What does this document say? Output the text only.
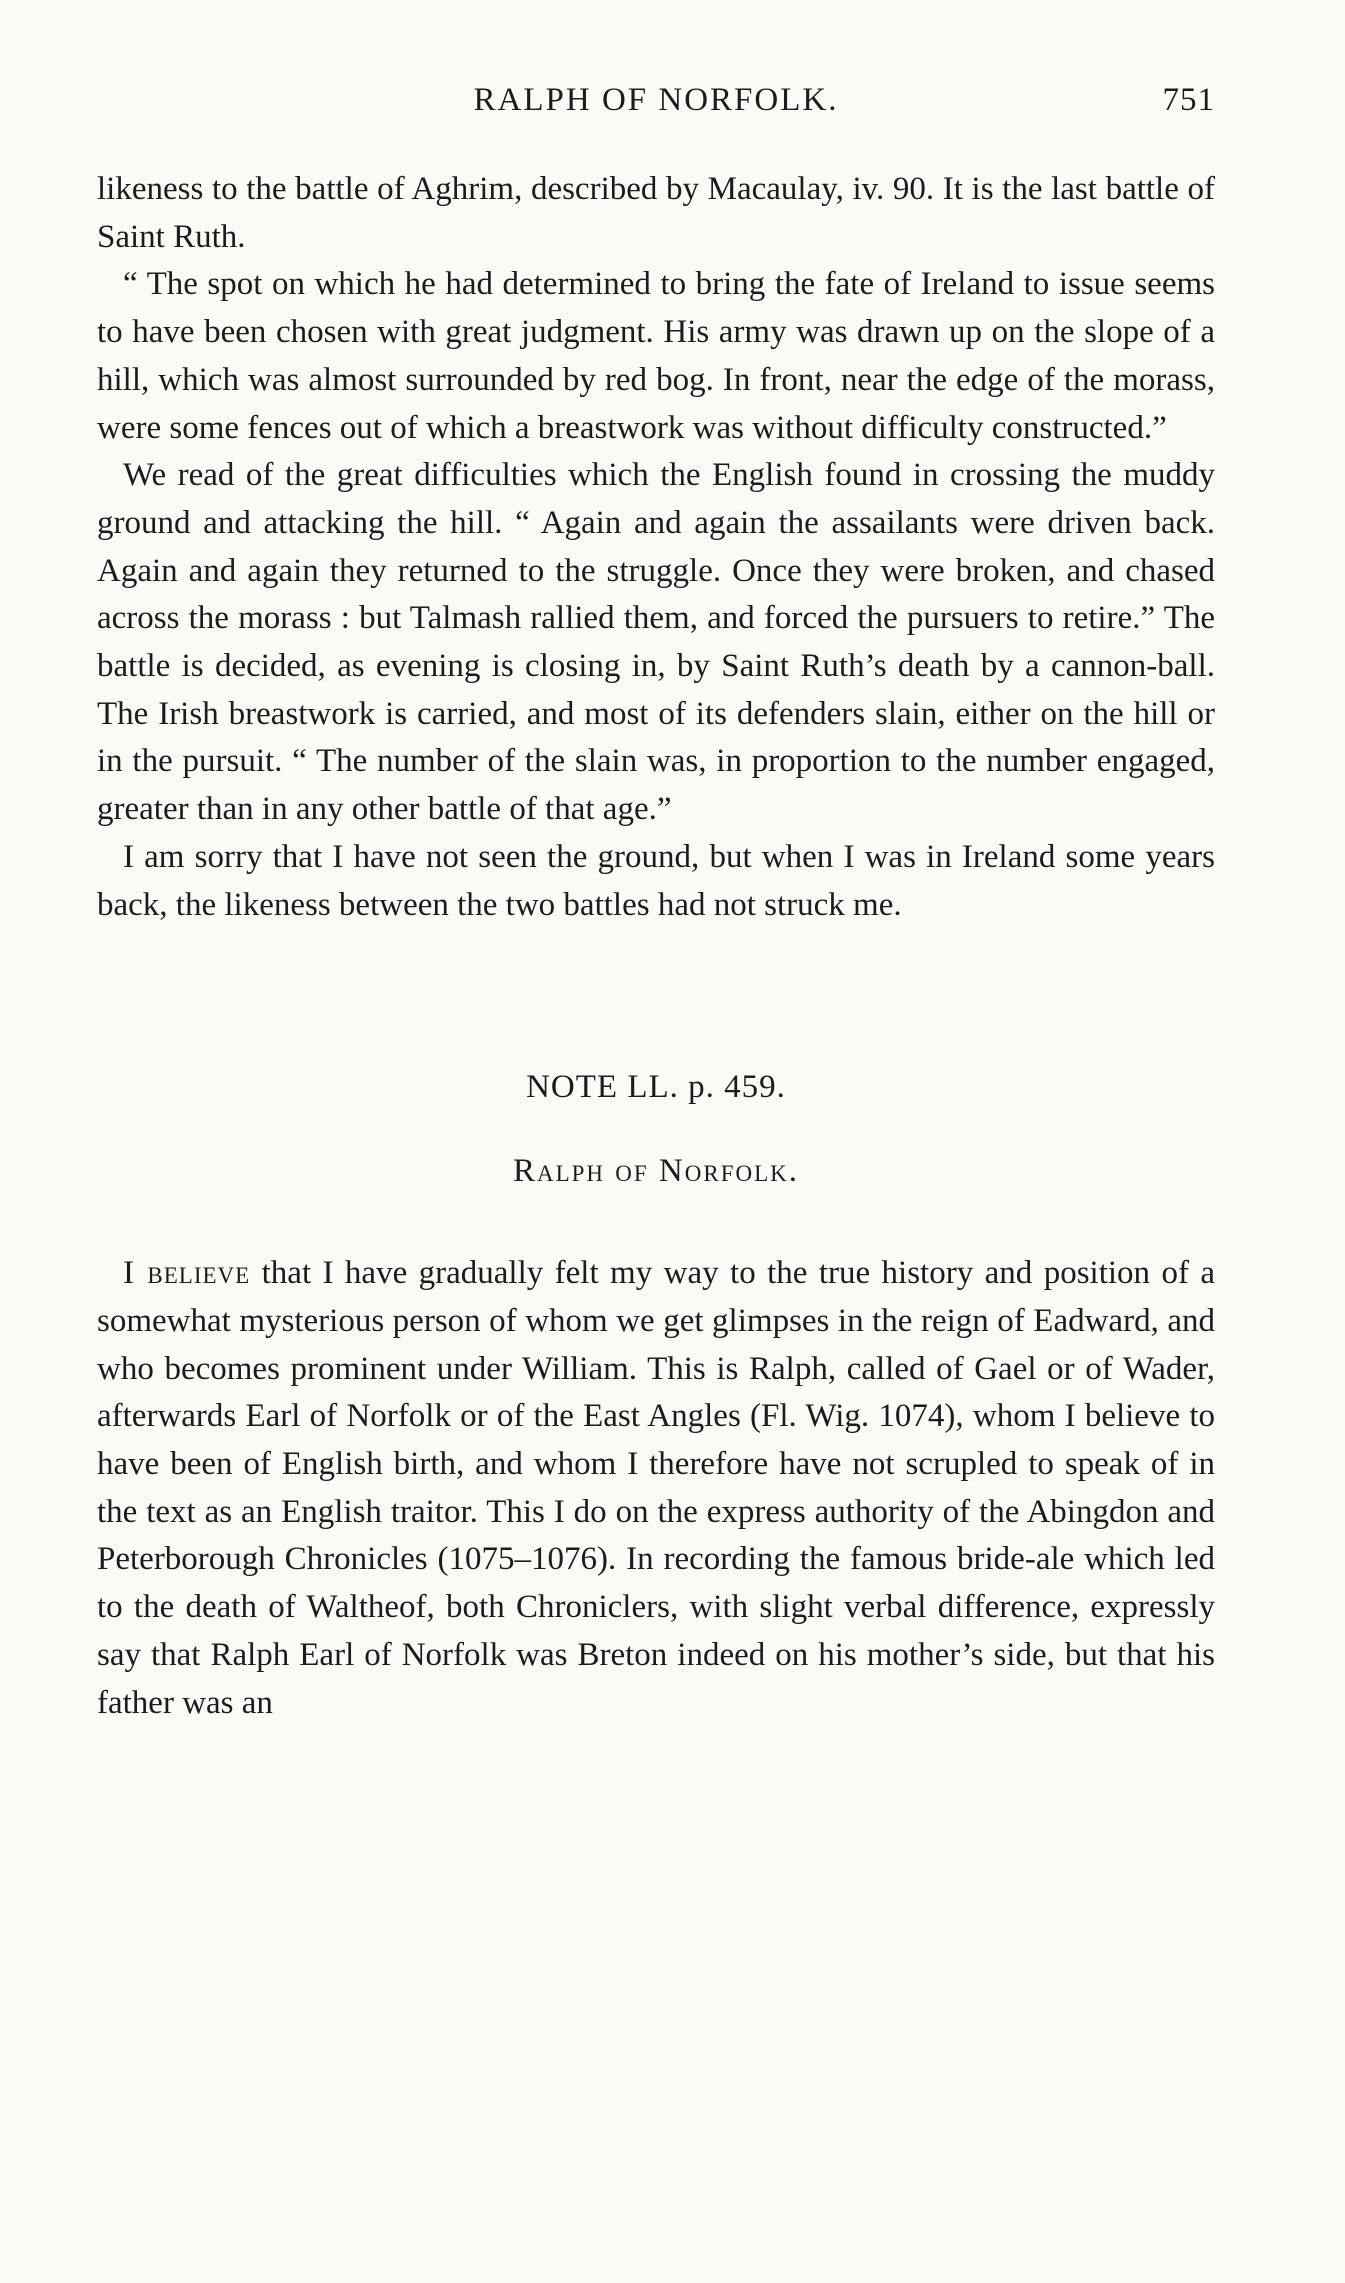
RALPH OF NORFOLK.	751

likeness to the battle of Aghrim, described by Macaulay, iv. 90. It is the last battle of Saint Ruth.

“ The spot on which he had determined to bring the fate of Ireland to issue seems to have been chosen with great judgment. His army was drawn up on the slope of a hill, which was almost surrounded by red bog. In front, near the edge of the morass, were some fences out of which a breastwork was without difficulty constructed.”

We read of the great difficulties which the English found in crossing the muddy ground and attacking the hill. “ Again and again the assailants were driven back. Again and again they returned to the struggle. Once they were broken, and chased across the morass : but Talmash rallied them, and forced the pursuers to retire.” The battle is decided, as evening is closing in, by Saint Ruth’s death by a cannon-ball. The Irish breastwork is carried, and most of its defenders slain, either on the hill or in the pursuit. “ The number of the slain was, in proportion to the number engaged, greater than in any other battle of that age.”

I am sorry that I have not seen the ground, but when I was in Ireland some years back, the likeness between the two battles had not struck me.

NOTE LL. p. 459.
Ralph of Norfolk.

I believe that I have gradually felt my way to the true history and position of a somewhat mysterious person of whom we get glimpses in the reign of Eadward, and who becomes prominent under William. This is Ralph, called of Gael or of Wader, afterwards Earl of Norfolk or of the East Angles (Fl. Wig. 1074), whom I believe to have been of English birth, and whom I therefore have not scrupled to speak of in the text as an English traitor. This I do on the express authority of the Abingdon and Peterborough Chronicles (1075–1076). In recording the famous bride-ale which led to the death of Waltheof, both Chroniclers, with slight verbal difference, expressly say that Ralph Earl of Norfolk was Breton indeed on his mother’s side, but that his father was an
